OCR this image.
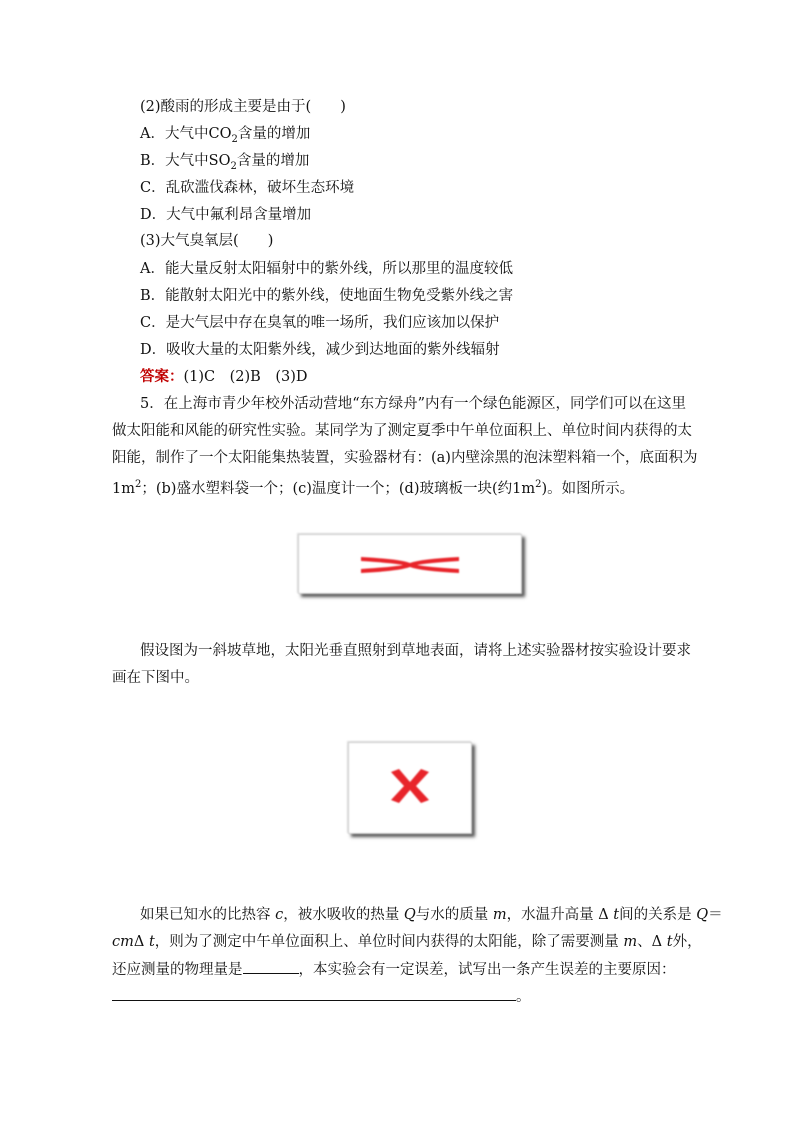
(2)酸雨的形成主要是由于(　　)
A．大气中$CO_2$含量的增加
B．大气中$SO_2$含量的增加
C．乱砍滥伐森林，破坏生态环境
D．大气中氟利昂含量增加
(3)大气臭氧层(　　)
A．能大量反射太阳辐射中的紫外线，所以那里的温度较低
B．能散射太阳光中的紫外线，使地面生物免受紫外线之害
C．是大气层中存在臭氧的唯一场所，我们应该加以保护
D．吸收大量的太阳紫外线，减少到达地面的紫外线辐射
答案：(1)C　(2)B　(3)D
5．在上海市青少年校外活动营地“东方绿舟”内有一个绿色能源区，同学们可以在这里
做太阳能和风能的研究性实验。某同学为了测定夏季中午单位面积上、单位时间内获得的太
阳能，制作了一个太阳能集热装置，实验器材有：(a)内壁涂黑的泡沫塑料箱一个，底面积为
$1m^2$；(b)盛水塑料袋一个；(c)温度计一个；(d)玻璃板一块(约$1m^2$)。如图所示。
假设图为一斜坡草地，太阳光垂直照射到草地表面，请将上述实验器材按实验设计要求
画在下图中。
如果已知水的比热容 c，被水吸收的热量 Q与水的质量 m，水温升高量 Δ t间的关系是 Q＝
cmΔ t，则为了测定中午单位面积上、单位时间内获得的太阳能，除了需要测量 m、Δ t外，
还应测量的物理量是	，本实验会有一定误差，试写出一条产生误差的主要原因：
。
